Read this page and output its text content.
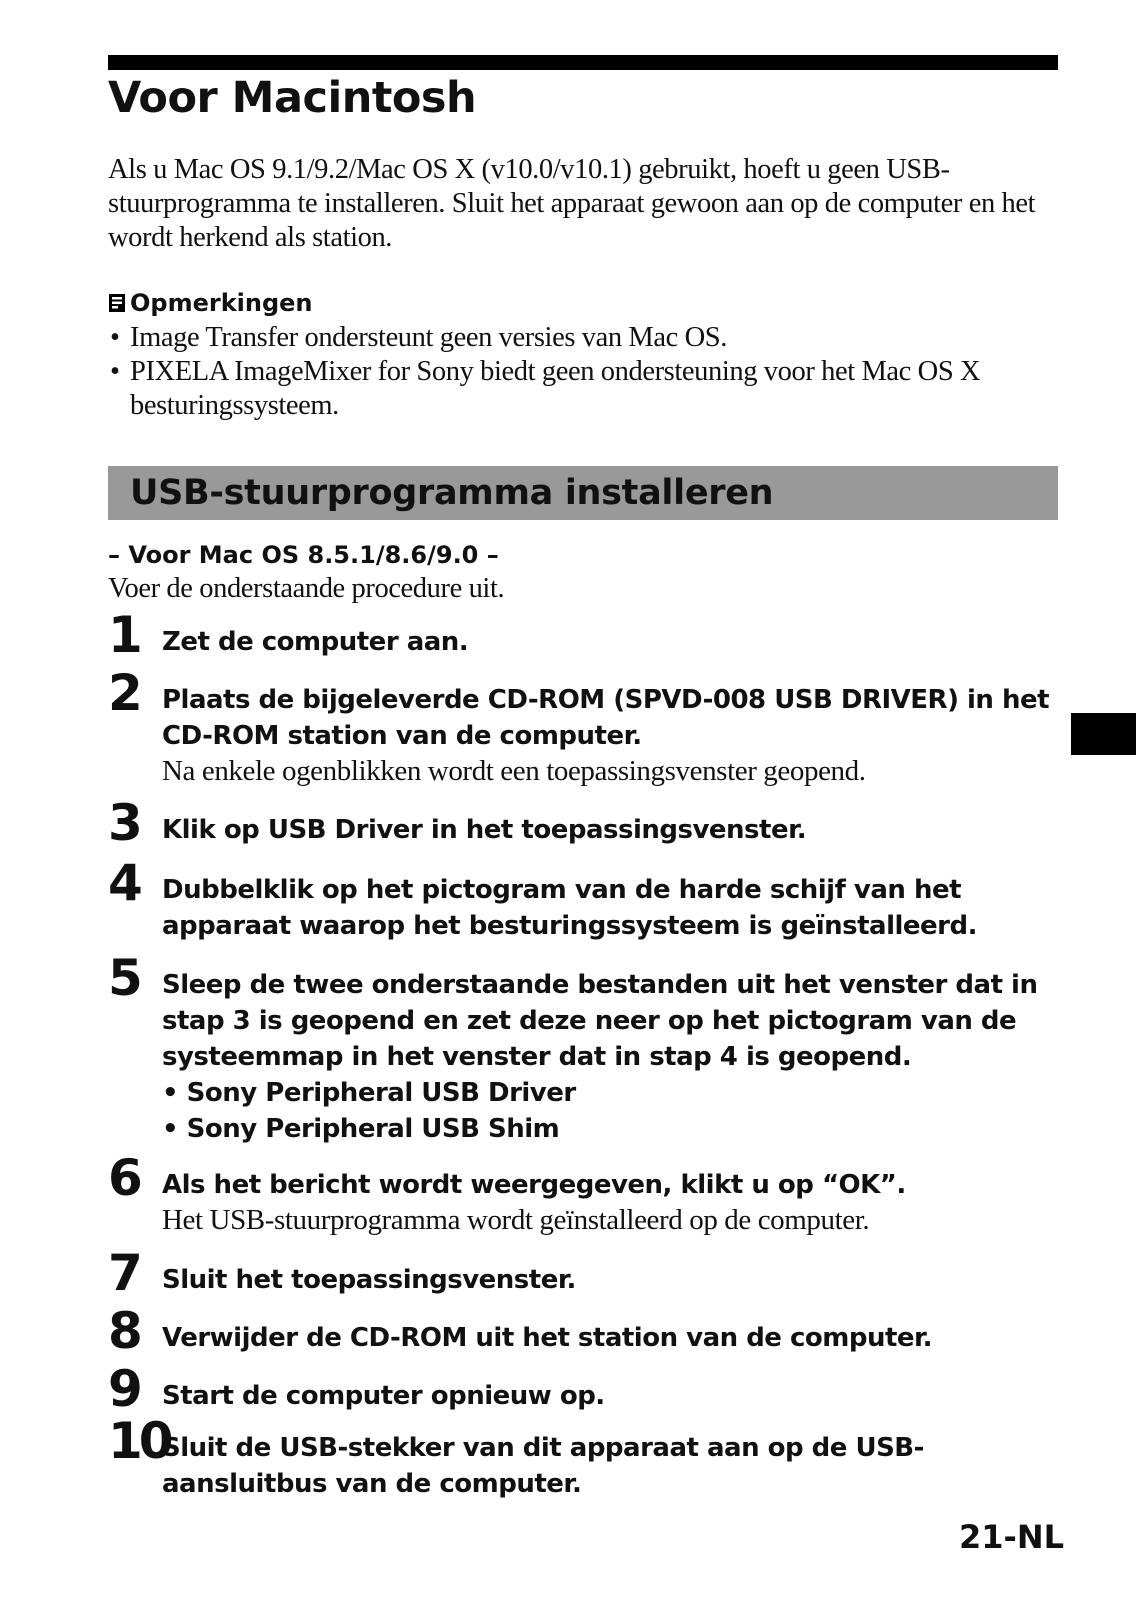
Voor Macintosh

Als u Mac OS 9.1/9.2/Mac OS X (v10.0/v10.1) gebruikt, hoeft u geen USB-stuurprogramma te installeren. Sluit het apparaat gewoon aan op de computer en het wordt herkend als station.

Opmerkingen
• Image Transfer ondersteunt geen versies van Mac OS.
• PIXELA ImageMixer for Sony biedt geen ondersteuning voor het Mac OS X besturingssysteem.
USB-stuurprogramma installeren
– Voor Mac OS 8.5.1/8.6/9.0 –

Voer de onderstaande procedure uit.

1 Zet de computer aan.
2 Plaats de bijgeleverde CD-ROM (SPVD-008 USB DRIVER) in het CD-ROM station van de computer.
Na enkele ogenblikken wordt een toepassingsvenster geopend.
3 Klik op USB Driver in het toepassingsvenster.
4 Dubbelklik op het pictogram van de harde schijf van het apparaat waarop het besturingssysteem is geïnstalleerd.
5 Sleep de twee onderstaande bestanden uit het venster dat in stap 3 is geopend en zet deze neer op het pictogram van de systeemmap in het venster dat in stap 4 is geopend.
• Sony Peripheral USB Driver
• Sony Peripheral USB Shim
6 Als het bericht wordt weergegeven, klikt u op “OK”.
Het USB-stuurprogramma wordt geïnstalleerd op de computer.
7 Sluit het toepassingsvenster.
8 Verwijder de CD-ROM uit het station van de computer.
9 Start de computer opnieuw op.
10
Sluit de USB-stekker van dit apparaat aan op de USB-aansluitbus van de computer.
21-NL
